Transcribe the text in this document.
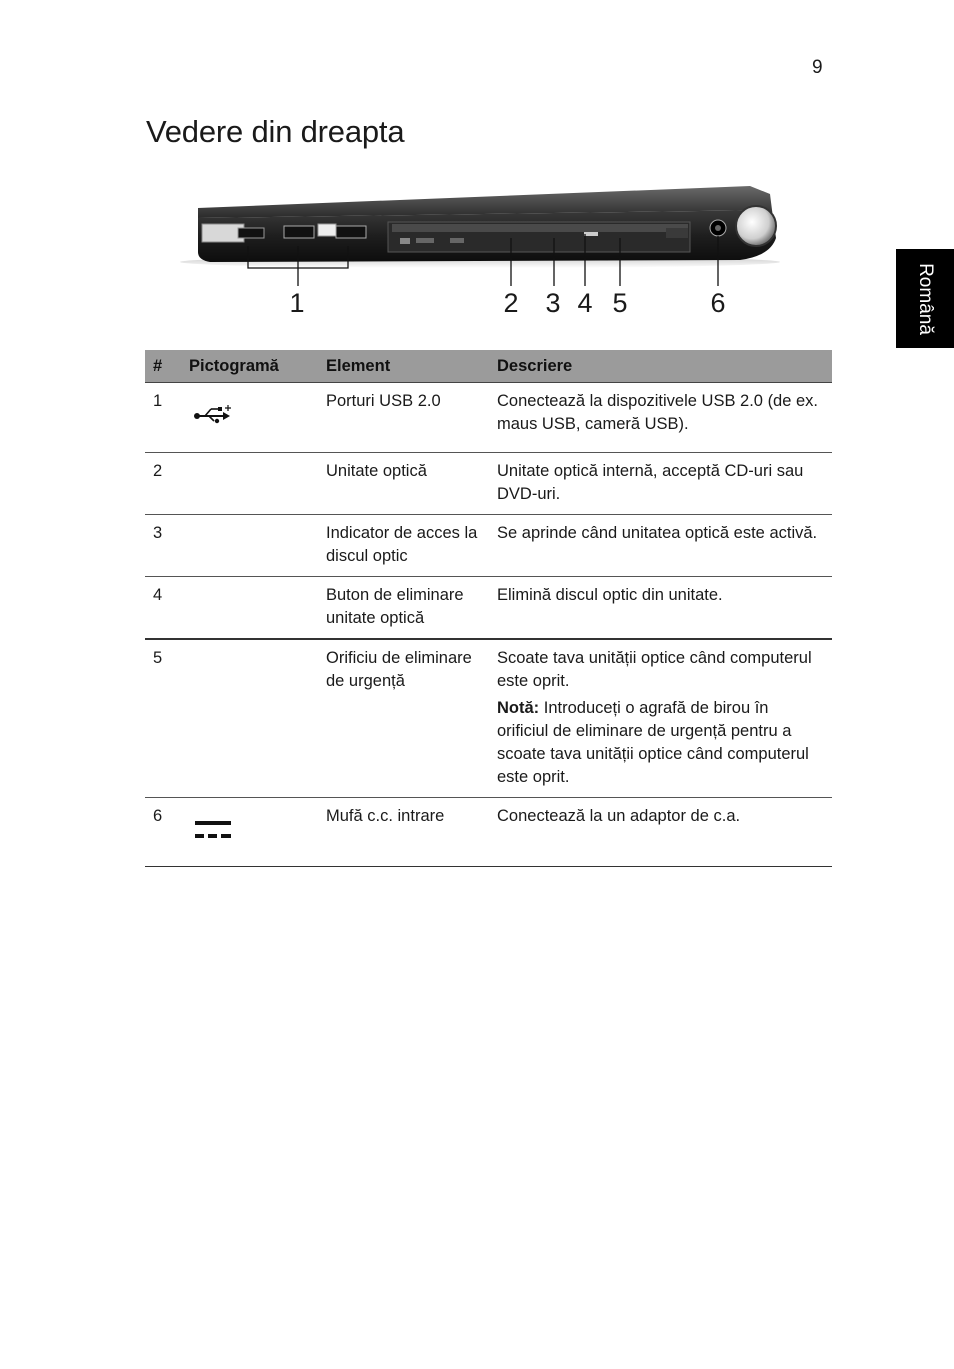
9
Vedere din dreapta
Română
1	2 3 4 5	6
#	Pictogramă	Element	Descriere
1		Porturi USB 2.0	Conectează la dispozitivele USB 2.0 (de ex. maus USB, cameră USB).
2		Unitate optică	Unitate optică internă, acceptă CD-uri sau DVD-uri.
3		Indicator de acces la discul optic	Se aprinde când unitatea optică este activă.
4		Buton de eliminare unitate optică	Elimină discul optic din unitate.
5		Orificiu de eliminare de urgență	Scoate tava unității optice când computerul este oprit.
Notă: Introduceți o agrafă de birou în orificiul de eliminare de urgență pentru a scoate tava unității optice când computerul este oprit.

6		Mufă c.c. intrare	Conectează la un adaptor de c.a.
